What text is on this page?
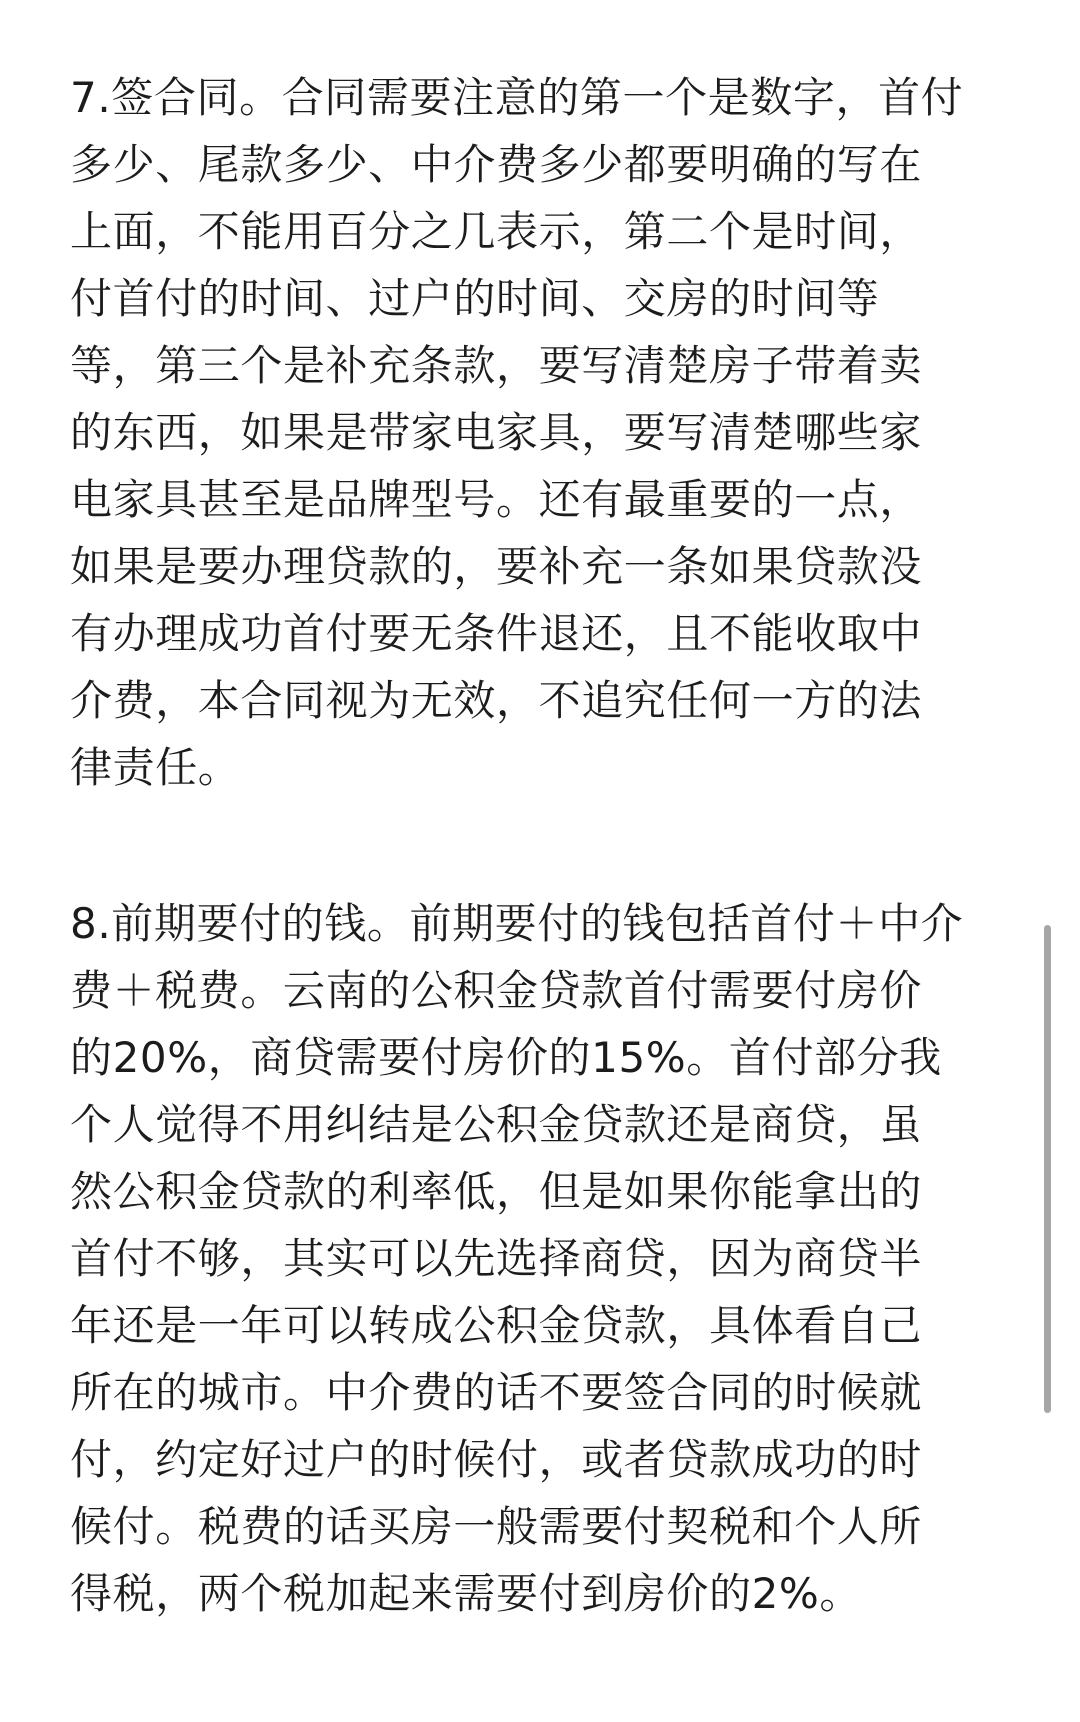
7.签合同。合同需要注意的第一个是数字，首付
多少、尾款多少、中介费多少都要明确的写在
上面，不能用百分之几表示，第二个是时间，
付首付的时间、过户的时间、交房的时间等
等，第三个是补充条款，要写清楚房子带着卖
的东西，如果是带家电家具，要写清楚哪些家
电家具甚至是品牌型号。还有最重要的一点，
如果是要办理贷款的，要补充一条如果贷款没
有办理成功首付要无条件退还，且不能收取中
介费，本合同视为无效，不追究任何一方的法
律责任。
8.前期要付的钱。前期要付的钱包括首付＋中介
费＋税费。云南的公积金贷款首付需要付房价
的20%，商贷需要付房价的15%。首付部分我
个人觉得不用纠结是公积金贷款还是商贷，虽
然公积金贷款的利率低，但是如果你能拿出的
首付不够，其实可以先选择商贷，因为商贷半
年还是一年可以转成公积金贷款，具体看自己
所在的城市。中介费的话不要签合同的时候就
付，约定好过户的时候付，或者贷款成功的时
候付。税费的话买房一般需要付契税和个人所
得税，两个税加起来需要付到房价的2%。
